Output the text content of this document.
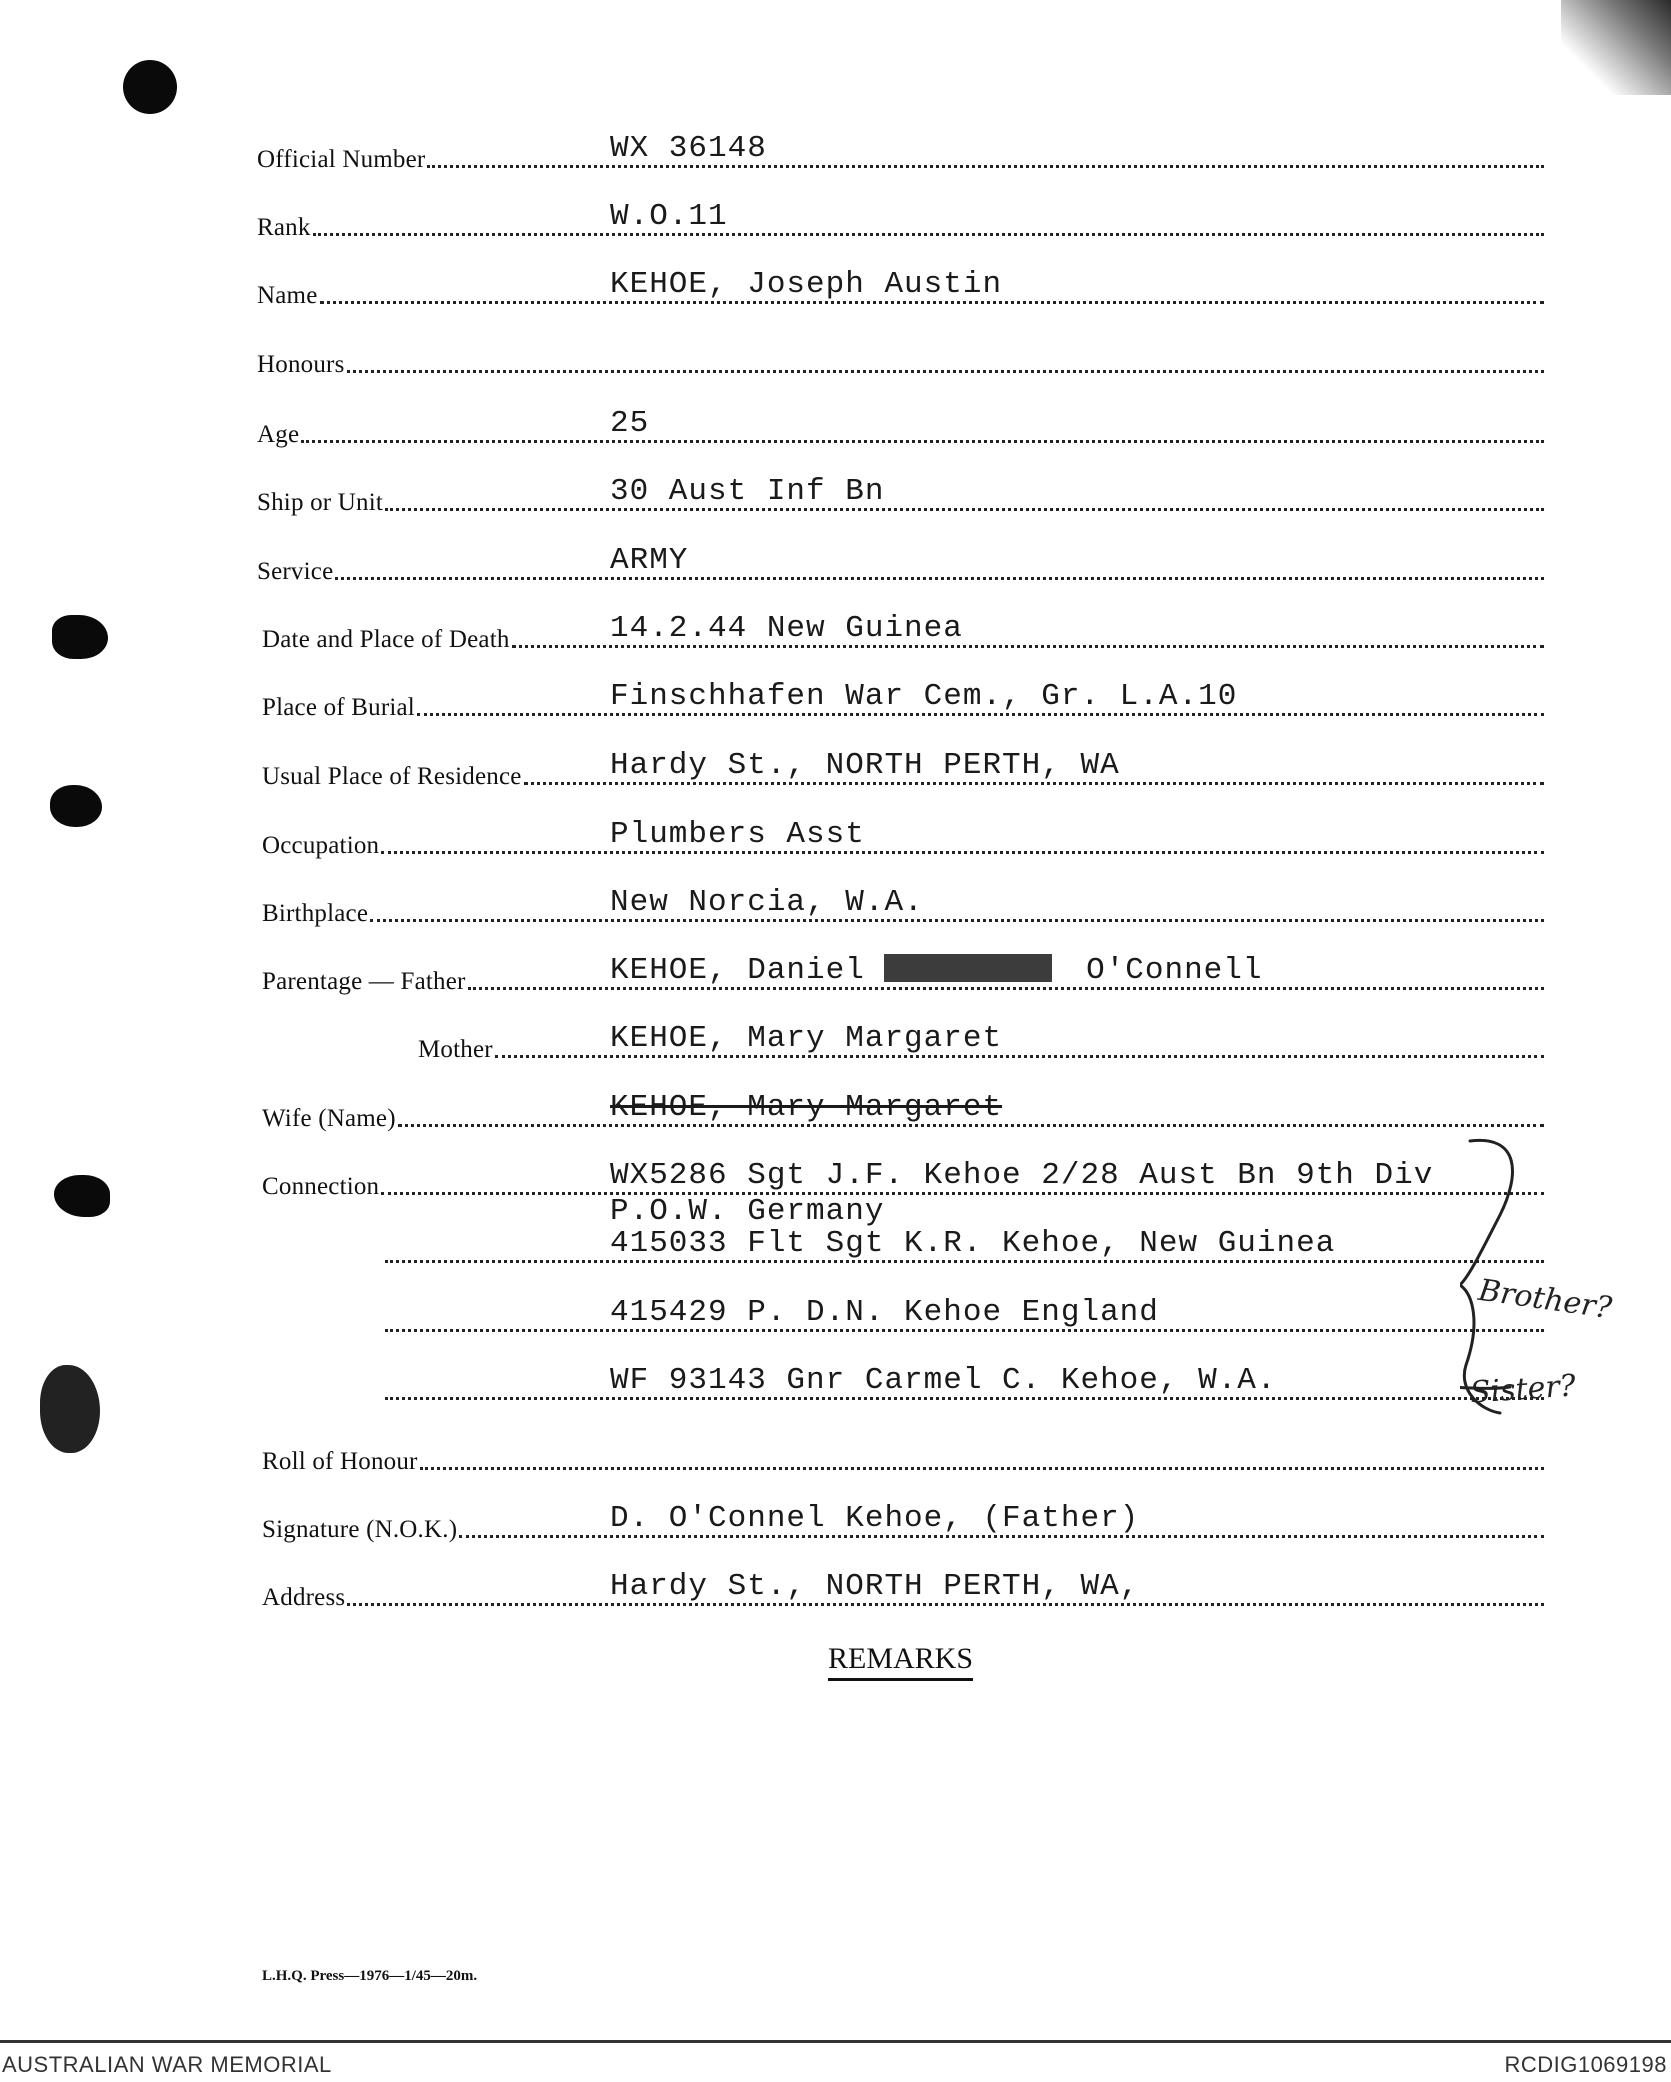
Official Number	WX 36148
Rank	W.O.11
Name	KEHOE, Joseph Austin
Honours
Age	25
Ship or Unit	30 Aust Inf Bn
Service	ARMY
Date and Place of Death	14.2.44 New Guinea
Place of Burial	Finschhafen War Cem., Gr. L.A.10
Usual Place of Residence	Hardy St., NORTH PERTH, WA
Occupation	Plumbers Asst
Birthplace	New Norcia, W.A.
Parentage — Father	KEHOE, Daniel	O'Connell
Mother	KEHOE, Mary Margaret
Wife (Name)	KEHOE, Mary Margaret
Connection	WX5286 Sgt J.F. Kehoe 2/28 Aust Bn 9th Div
P.O.W. Germany
415033 Flt Sgt K.R. Kehoe, New Guinea
415429 P. D.N. Kehoe England
WF 93143 Gnr Carmel C. Kehoe, W.A.
Roll of Honour
Signature (N.O.K.)	D. O'Connel Kehoe, (Father)
Address	Hardy St., NORTH PERTH, WA,
Brother?
Sister?
REMARKS
L.H.Q. Press—1976—1/45—20m.
AUSTRALIAN WAR MEMORIAL	RCDIG1069198
